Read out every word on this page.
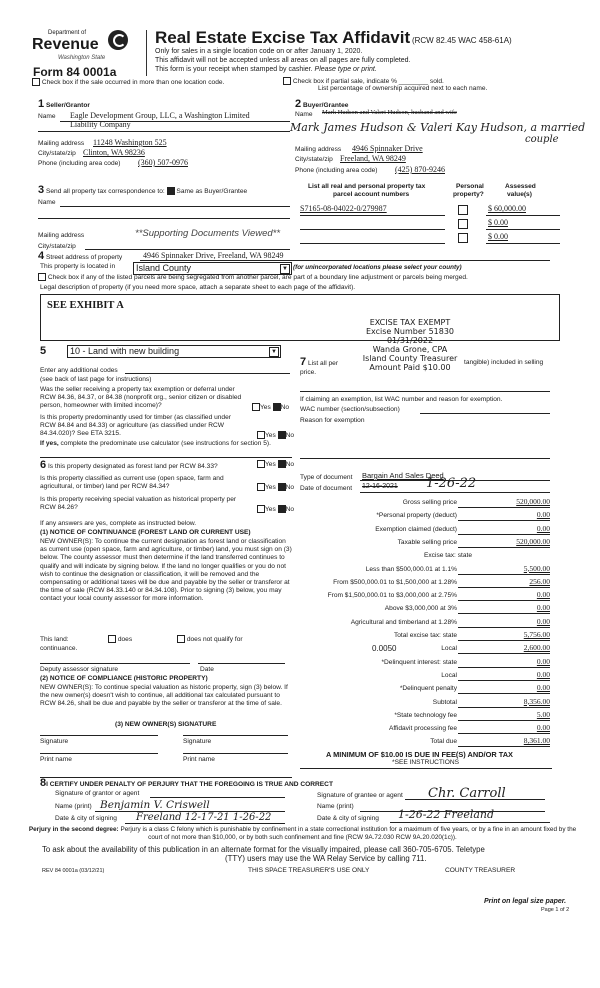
Department of
Revenue
Washington State
Form 84 0001a
Real Estate Excise Tax Affidavit (RCW 82.45 WAC 458-61A)
Only for sales in a single location code on or after January 1, 2020.
This affidavit will not be accepted unless all areas on all pages are fully completed.
This form is your receipt when stamped by cashier. Please type or print.
Check box if the sale occurred in more than one location code.	Check box if partial sale, indicate % ________ sold.
List percentage of ownership acquired next to each name.
1 Seller/Grantor
Name Eagle Development Group, LLC, a Washington Limited
Liability Company
Mailing address 11248 Washington 525
City/state/zip Clinton, WA 98236
Phone (including area code) (360) 507-0976
2 Buyer/Grantee
Name Mark Hudson and Valeri Hudson, husband and wife
Mark James Hudson & Valeri Kay Hudson, a married
couple
Mailing address 4946 Spinnaker Drive
City/state/zip Freeland, WA 98249
Phone (including area code) (425) 870-9246
3 Send all property tax correspondence to: Same as Buyer/Grantee
Name
Mailing address	**Supporting Documents Viewed**
City/state/zip
List all real and personal property tax
parcel account numbers
Personal
property?
Assessed
value(s)
S7165-08-04022-0/279987	$ 60,000.00
$ 0.00
$ 0.00
4 Street address of property	4946 Spinnaker Drive, Freeland, WA 98249
This property is located in Island County	▼ (for unincorporated locations please select your county)
Check box if any of the listed parcels are being segregated from another parcel, are part of a boundary line adjustment or parcels being merged.
Legal description of property (if you need more space, attach a separate sheet to each page of the affidavit).
SEE EXHIBIT A
EXCISE TAX EXEMPT
Excise Number 51830
01/31/2022
Wanda Grone, CPA
Island County Treasurer
Amount Paid $10.00
5	10 - Land with new building	▼
Enter any additional codes
(see back of last page for instructions)
Was the seller receiving a property tax exemption or deferral under RCW 84.36, 84.37, or 84.38 (nonprofit org., senior citizen or disabled person, homeowner with limited income)?	Yes No
Is this property predominantly used for timber (as classified under RCW 84.84 and 84.33) or agriculture (as classified under RCW 84.34.020)? See ETA 3215.	Yes No
If yes, complete the predominate use calculator (see instructions for section 5).
6 Is this property designated as forest land per RCW 84.33?	Yes No
Is this property classified as current use (open space, farm and agricultural, or timber) land per RCW 84.34?	Yes No
Is this property receiving special valuation as historical property per RCW 84.26?	Yes No
If any answers are yes, complete as instructed below.
(1) NOTICE OF CONTINUANCE (FOREST LAND OR CURRENT USE)
NEW OWNER(S): To continue the current designation as forest land or classification as current use (open space, farm and agriculture, or timber) land, you must sign on (3) below. The county assessor must then determine if the land transferred continues to qualify and will indicate by signing below. If the land no longer qualifies or you do not wish to continue the designation or classification, it will be removed and the compensating or additional taxes will be due and payable by the seller or transferor at the time of sale (RCW 84.33.140 or 84.34.108). Prior to signing (3) below, you may contact your local county assessor for more information.
This land:	does	does not qualify for
continuance.
Deputy assessor signature	Date
(2) NOTICE OF COMPLIANCE (HISTORIC PROPERTY)
NEW OWNER(S): To continue special valuation as historic property, sign (3) below. If the new owner(s) doesn't wish to continue, all additional tax calculated pursuant to RCW 84.26, shall be due and payable by the seller or transferor at the time of sale.
(3) NEW OWNER(S) SIGNATURE
Signature	Signature
Print name	Print name
7 List all per	tangible) included in selling
price.
If claiming an exemption, list WAC number and reason for exemption.
WAC number (section/subsection)
Reason for exemption
Type of document Bargain And Sales Deed
Date of document 12-16-2021 1-26-22
Gross selling price	520,000.00
*Personal property (deduct)	0.00
Exemption claimed (deduct)	0.00
Taxable selling price	520,000.00
Excise tax: state
Less than $500,000.01 at 1.1%	5,500.00
From $500,000.01 to $1,500,000 at 1.28%	256.00
From $1,500,000.01 to $3,000,000 at 2.75%	0.00
Above $3,000,000 at 3%	0.00
Agricultural and timberland at 1.28%	0.00
Total excise tax: state	5,756.00
Local	2,600.00
0.0050
*Delinquent interest: state	0.00
Local	0.00
*Delinquent penalty	0.00
Subtotal	8,356.00
*State technology fee	5.00
Affidavit processing fee	0.00
Total due	8,361.00
A MINIMUM OF $10.00 IS DUE IN FEE(S) AND/OR TAX
*SEE INSTRUCTIONS
8I CERTIFY UNDER PENALTY OF PERJURY THAT THE FOREGOING IS TRUE AND CORRECT
Signature of grantor or agent
Name (print) Benjamin V. Criswell
Date & city of signing Freeland 12-17-21 1-26-22
Signature of grantee or agent Chr. Carroll
Name (print)
Date & city of signing 1-26-22 Freeland
Perjury in the second degree: Perjury is a class C felony which is punishable by confinement in a state correctional institution for a maximum of five years, or by a fine in an amount fixed by the court of not more than $10,000, or by both such confinement and fine (RCW 9A.72.030 RCW 9A.20.020(1c)).
To ask about the availability of this publication in an alternate format for the visually impaired, please call 360-705-6705. Teletype
(TTY) users may use the WA Relay Service by calling 711.
REV 84 0001a (03/12/21)	THIS SPACE TREASURER'S USE ONLY	COUNTY TREASURER
Print on legal size paper.
Page 1 of 2
